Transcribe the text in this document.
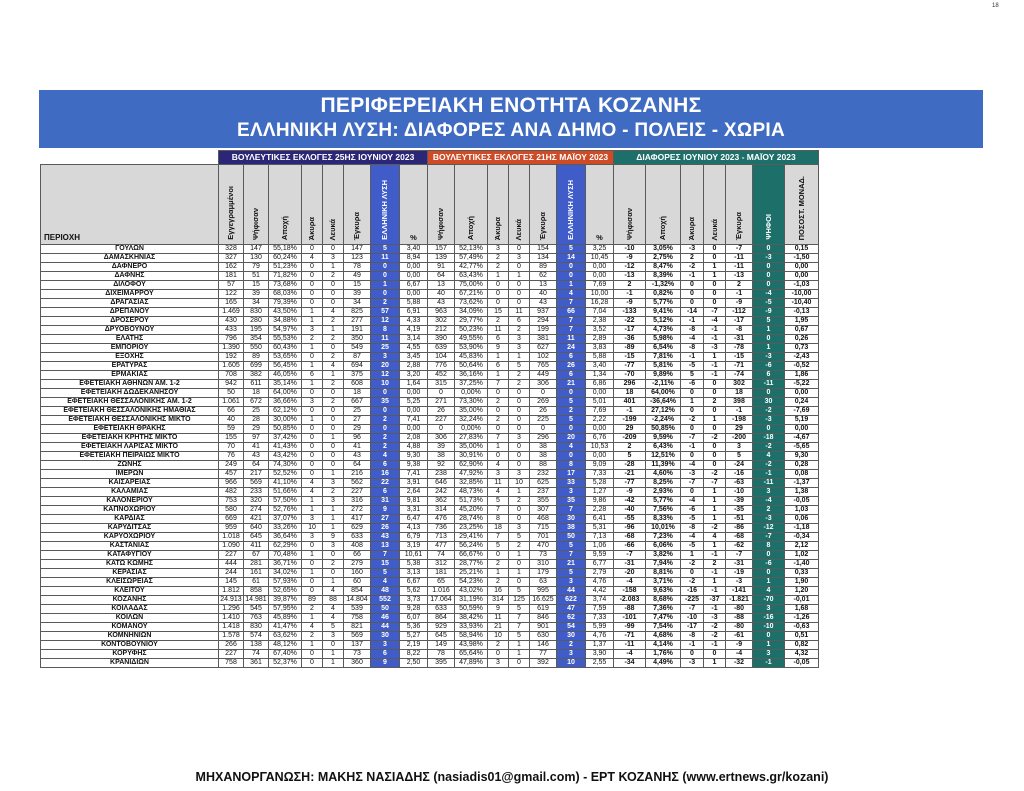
18
ΠΕΡΙΦΕΡΕΙΑΚΗ ΕΝΟΤΗΤΑ ΚΟΖΑΝΗΣ
ΕΛΛΗΝΙΚΗ ΛΥΣΗ: ΔΙΑΦΟΡΕΣ ΑΝΑ ΔΗΜΟ - ΠΟΛΕΙΣ - ΧΩΡΙΑ
	ΒΟΥΛΕΥΤΙΚΕΣ ΕΚΛΟΓΕΣ 25ΗΣ ΙΟΥΝΙΟΥ 2023								ΒΟΥΛΕΥΤΙΚΕΣ ΕΚΛΟΓΕΣ 21ΗΣ ΜΑΪΟΥ 2023							ΔΙΑΦΟΡΕΣ ΙΟΥΝΙΟΥ 2023 - ΜΑΪΟΥ 2023						
ΠΕΡΙΟΧΗ	Εγγεγραμμένοι	Ψήφισαν	Αποχή	Άκυρα	Λευκά	Έγκυρα	ΕΛΛΗΝΙΚΗ ΛΥΣΗ	%	Ψήφισαν	Αποχή	Άκυρα	Λευκά	Έγκυρα	ΕΛΛΗΝΙΚΗ ΛΥΣΗ	%	Ψήφισαν	Αποχή	Άκυρα	Λευκά	Έγκυρα	ΨΗΦΟΙ	ΠΟΣΟΣΤ. ΜΟΝΑΔ.
ΓΟΥΛΩΝ	328	147	55,18%	0	0	147	5	3,40	157	52,13%	3	0	154	5	3,25	-10	3,05%	-3	0	-7	0	0,15
ΔΑΜΑΣΚΗΝΙΑΣ	327	130	60,24%	4	3	123	11	8,94	139	57,49%	2	3	134	14	10,45	-9	2,75%	2	0	-11	-3	-1,50
ΔΑΦΝΕΡΟ	162	79	51,23%	0	1	78	0	0,00	91	42,77%	2	0	89	0	0,00	-12	8,47%	-2	1	-11	0	0,00
ΔΑΦΝΗΣ	181	51	71,82%	0	2	49	0	0,00	64	63,43%	1	1	62	0	0,00	-13	8,39%	-1	1	-13	0	0,00
ΔΙΛΟΦΟΥ	57	15	73,68%	0	0	15	1	6,67	13	75,00%	0	0	13	1	7,69	2	-1,32%	0	0	2	0	-1,03
ΔΙΧΕΙΜΑΡΡΟΥ	122	39	68,03%	0	0	39	0	0,00	40	67,21%	0	0	40	4	10,00	-1	0,82%	0	0	-1	-4	-10,00
ΔΡΑΓΑΣΙΑΣ	165	34	79,39%	0	0	34	2	5,88	43	73,62%	0	0	43	7	16,28	-9	5,77%	0	0	-9	-5	-10,40
ΔΡΕΠΑΝΟΥ	1.469	830	43,50%	1	4	825	57	6,91	963	34,09%	15	11	937	66	7,04	-133	9,41%	-14	-7	-112	-9	-0,13
ΔΡΟΣΕΡΟΥ	430	280	34,88%	1	2	277	12	4,33	302	29,77%	2	6	294	7	2,38	-22	5,12%	-1	-4	-17	5	1,95
ΔΡΥΟΒΟΥΝΟΥ	433	195	54,97%	3	1	191	8	4,19	212	50,23%	11	2	199	7	3,52	-17	4,73%	-8	-1	-8	1	0,67
ΕΛΑΤΗΣ	796	354	55,53%	2	2	350	11	3,14	390	49,55%	6	3	381	11	2,89	-36	5,98%	-4	-1	-31	0	0,26
ΕΜΠΟΡΙΟΥ	1.390	550	60,43%	1	0	549	25	4,55	639	53,90%	9	3	627	24	3,83	-89	6,54%	-8	-3	-78	1	0,73
ΕΞΟΧΗΣ	192	89	53,65%	0	2	87	3	3,45	104	45,83%	1	1	102	6	5,88	-15	7,81%	-1	1	-15	-3	-2,43
ΕΡΑΤΥΡΑΣ	1.605	699	56,45%	1	4	694	20	2,88	776	50,64%	6	5	765	26	3,40	-77	5,81%	-5	-1	-71	-6	-0,52
ΕΡΜΑΚΙΑΣ	708	382	46,05%	6	1	375	12	3,20	452	36,16%	1	2	449	6	1,34	-70	9,89%	5	-1	-74	6	1,86
ΕΦΕΤΕΙΑΚΗ ΑΘΗΝΩΝ ΑΜ. 1-2	942	611	35,14%	1	2	608	10	1,64	315	37,25%	7	2	306	21	6,86	296	-2,11%	-6	0	302	-11	-5,22
ΕΦΕΤΕΙΑΚΗ ΔΩΔΕΚΑΝΗΣΟΥ	50	18	64,00%	0	0	18	0	0,00	0	0,00%	0	0	0	0	0,00	18	64,00%	0	0	18	0	0,00
ΕΦΕΤΕΙΑΚΗ ΘΕΣΣΑΛΟΝΙΚΗΣ ΑΜ. 1-2	1.061	672	36,66%	3	2	667	35	5,25	271	73,30%	2	0	269	5	5,01	401	-36,64%	1	2	398	30	0,24
ΕΦΕΤΕΙΑΚΗ ΘΕΣΣΑΛΟΝΙΚΗΣ ΗΜΑΘΙΑΣ	66	25	62,12%	0	0	25	0	0,00	26	35,00%	0	0	26	2	7,69	-1	27,12%	0	0	-1	-2	-7,69
ΕΦΕΤΕΙΑΚΗ ΘΕΣΣΑΛΟΝΙΚΗΣ ΜΙΚΤΟ	40	28	30,00%	1	0	27	2	7,41	227	32,24%	2	0	225	5	2,22	-199	-2,24%	-2	1	-198	-3	5,19
ΕΦΕΤΕΙΑΚΗ ΘΡΑΚΗΣ	59	29	50,85%	0	0	29	0	0,00	0	0,00%	0	0	0	0	0,00	29	50,85%	0	0	29	0	0,00
ΕΦΕΤΕΙΑΚΗ ΚΡΗΤΗΣ ΜΙΚΤΟ	155	97	37,42%	0	1	96	2	2,08	306	27,83%	7	3	296	20	6,76	-209	9,59%	-7	-2	-200	-18	-4,67
ΕΦΕΤΕΙΑΚΗ ΛΑΡΙΣΑΣ ΜΙΚΤΟ	70	41	41,43%	0	0	41	2	4,88	39	35,00%	1	0	38	4	10,53	2	6,43%	-1	0	3	-2	-5,65
ΕΦΕΤΕΙΑΚΗ ΠΕΙΡΑΙΩΣ ΜΙΚΤΟ	76	43	43,42%	0	0	43	4	9,30	38	30,91%	0	0	38	0	0,00	5	12,51%	0	0	5	4	9,30
ΖΩΝΗΣ	249	64	74,30%	0	0	64	6	9,38	92	62,90%	4	0	88	8	9,09	-28	11,39%	-4	0	-24	-2	0,28
ΙΜΕΡΩΝ	457	217	52,52%	0	1	216	16	7,41	238	47,92%	3	3	232	17	7,33	-21	4,60%	-3	-2	-16	-1	0,08
ΚΑΙΣΑΡΕΙΑΣ	966	569	41,10%	4	3	562	22	3,91	646	32,85%	11	10	625	33	5,28	-77	8,25%	-7	-7	-63	-11	-1,37
ΚΑΛΑΜΙΑΣ	482	233	51,66%	4	2	227	6	2,64	242	48,73%	4	1	237	3	1,27	-9	2,93%	0	1	-10	3	1,38
ΚΑΛΟΝΕΡΙΟΥ	753	320	57,50%	1	3	316	31	9,81	362	51,73%	5	2	355	35	9,86	-42	5,77%	-4	1	-39	-4	-0,05
ΚΑΠΝΟΧΩΡΙΟΥ	580	274	52,76%	1	1	272	9	3,31	314	45,20%	7	0	307	7	2,28	-40	7,56%	-6	1	-35	2	1,03
ΚΑΡΔΙΑΣ	669	421	37,07%	3	1	417	27	6,47	476	28,74%	8	0	468	30	6,41	-55	8,33%	-5	1	-51	-3	0,06
ΚΑΡΥΔΙΤΣΑΣ	959	640	33,26%	10	1	629	26	4,13	736	23,25%	18	3	715	38	5,31	-96	10,01%	-8	-2	-86	-12	-1,18
ΚΑΡΥΟΧΩΡΙΟΥ	1.018	645	36,64%	3	9	633	43	6,79	713	29,41%	7	5	701	50	7,13	-68	7,23%	-4	4	-68	-7	-0,34
ΚΑΣΤΑΝΙΑΣ	1.090	411	62,29%	0	3	408	13	3,19	477	56,24%	5	2	470	5	1,06	-66	6,06%	-5	1	-62	8	2,12
ΚΑΤΑΦΥΓΙΟΥ	227	67	70,48%	1	0	66	7	10,61	74	66,67%	0	1	73	7	9,59	-7	3,82%	1	-1	-7	0	1,02
ΚΑΤΩ ΚΩΜΗΣ	444	281	36,71%	0	2	279	15	5,38	312	28,77%	2	0	310	21	6,77	-31	7,94%	-2	2	-31	-6	-1,40
ΚΕΡΑΣΙΑΣ	244	161	34,02%	1	0	160	5	3,13	181	25,21%	1	1	179	5	2,79	-20	8,81%	0	-1	-19	0	0,33
ΚΛΕΙΣΩΡΕΙΑΣ	145	61	57,93%	0	1	60	4	6,67	65	54,23%	2	0	63	3	4,76	-4	3,71%	-2	1	-3	1	1,90
ΚΛΕΙΤΟΥ	1.812	858	52,65%	0	4	854	48	5,62	1.016	43,02%	16	5	995	44	4,42	-158	9,63%	-16	-1	-141	4	1,20
ΚΟΖΑΝΗΣ	24.913	14.981	39,87%	89	88	14.804	552	3,73	17.064	31,19%	314	125	16.625	622	3,74	-2.083	8,68%	-225	-37	-1.821	-70	-0,01
ΚΟΙΛΑΔΑΣ	1.296	545	57,95%	2	4	539	50	9,28	633	50,59%	9	5	619	47	7,59	-88	7,36%	-7	-1	-80	3	1,68
ΚΟΙΛΩΝ	1.410	763	45,89%	1	4	758	46	6,07	864	38,42%	11	7	846	62	7,33	-101	7,47%	-10	-3	-88	-16	-1,26
ΚΟΜΑΝΟΥ	1.418	830	41,47%	4	5	821	44	5,36	929	33,93%	21	7	901	54	5,99	-99	7,54%	-17	-2	-80	-10	-0,63
ΚΟΜΝΗΝΙΩΝ	1.578	574	63,62%	2	3	569	30	5,27	645	58,94%	10	5	630	30	4,76	-71	4,68%	-8	-2	-61	0	0,51
ΚΟΝΤΟΒΟΥΝΙΟΥ	266	138	48,12%	1	0	137	3	2,19	149	43,98%	2	1	146	2	1,37	-11	4,14%	-1	-1	-9	1	0,82
ΚΟΡΥΦΗΣ	227	74	67,40%	0	1	73	6	8,22	78	65,64%	0	1	77	3	3,90	-4	1,76%	0	0	-4	3	4,32
ΚΡΑΝΙΔΙΩΝ	758	361	52,37%	0	1	360	9	2,50	395	47,89%	3	0	392	10	2,55	-34	4,49%	-3	1	-32	-1	-0,05
ΜΗΧΑΝΟΡΓΑΝΩΣΗ: ΜΑΚΗΣ ΝΑΣΙΑΔΗΣ (nasiadis01@gmail.com) - ΕΡΤ ΚΟΖΑΝΗΣ (www.ertnews.gr/kozani)
